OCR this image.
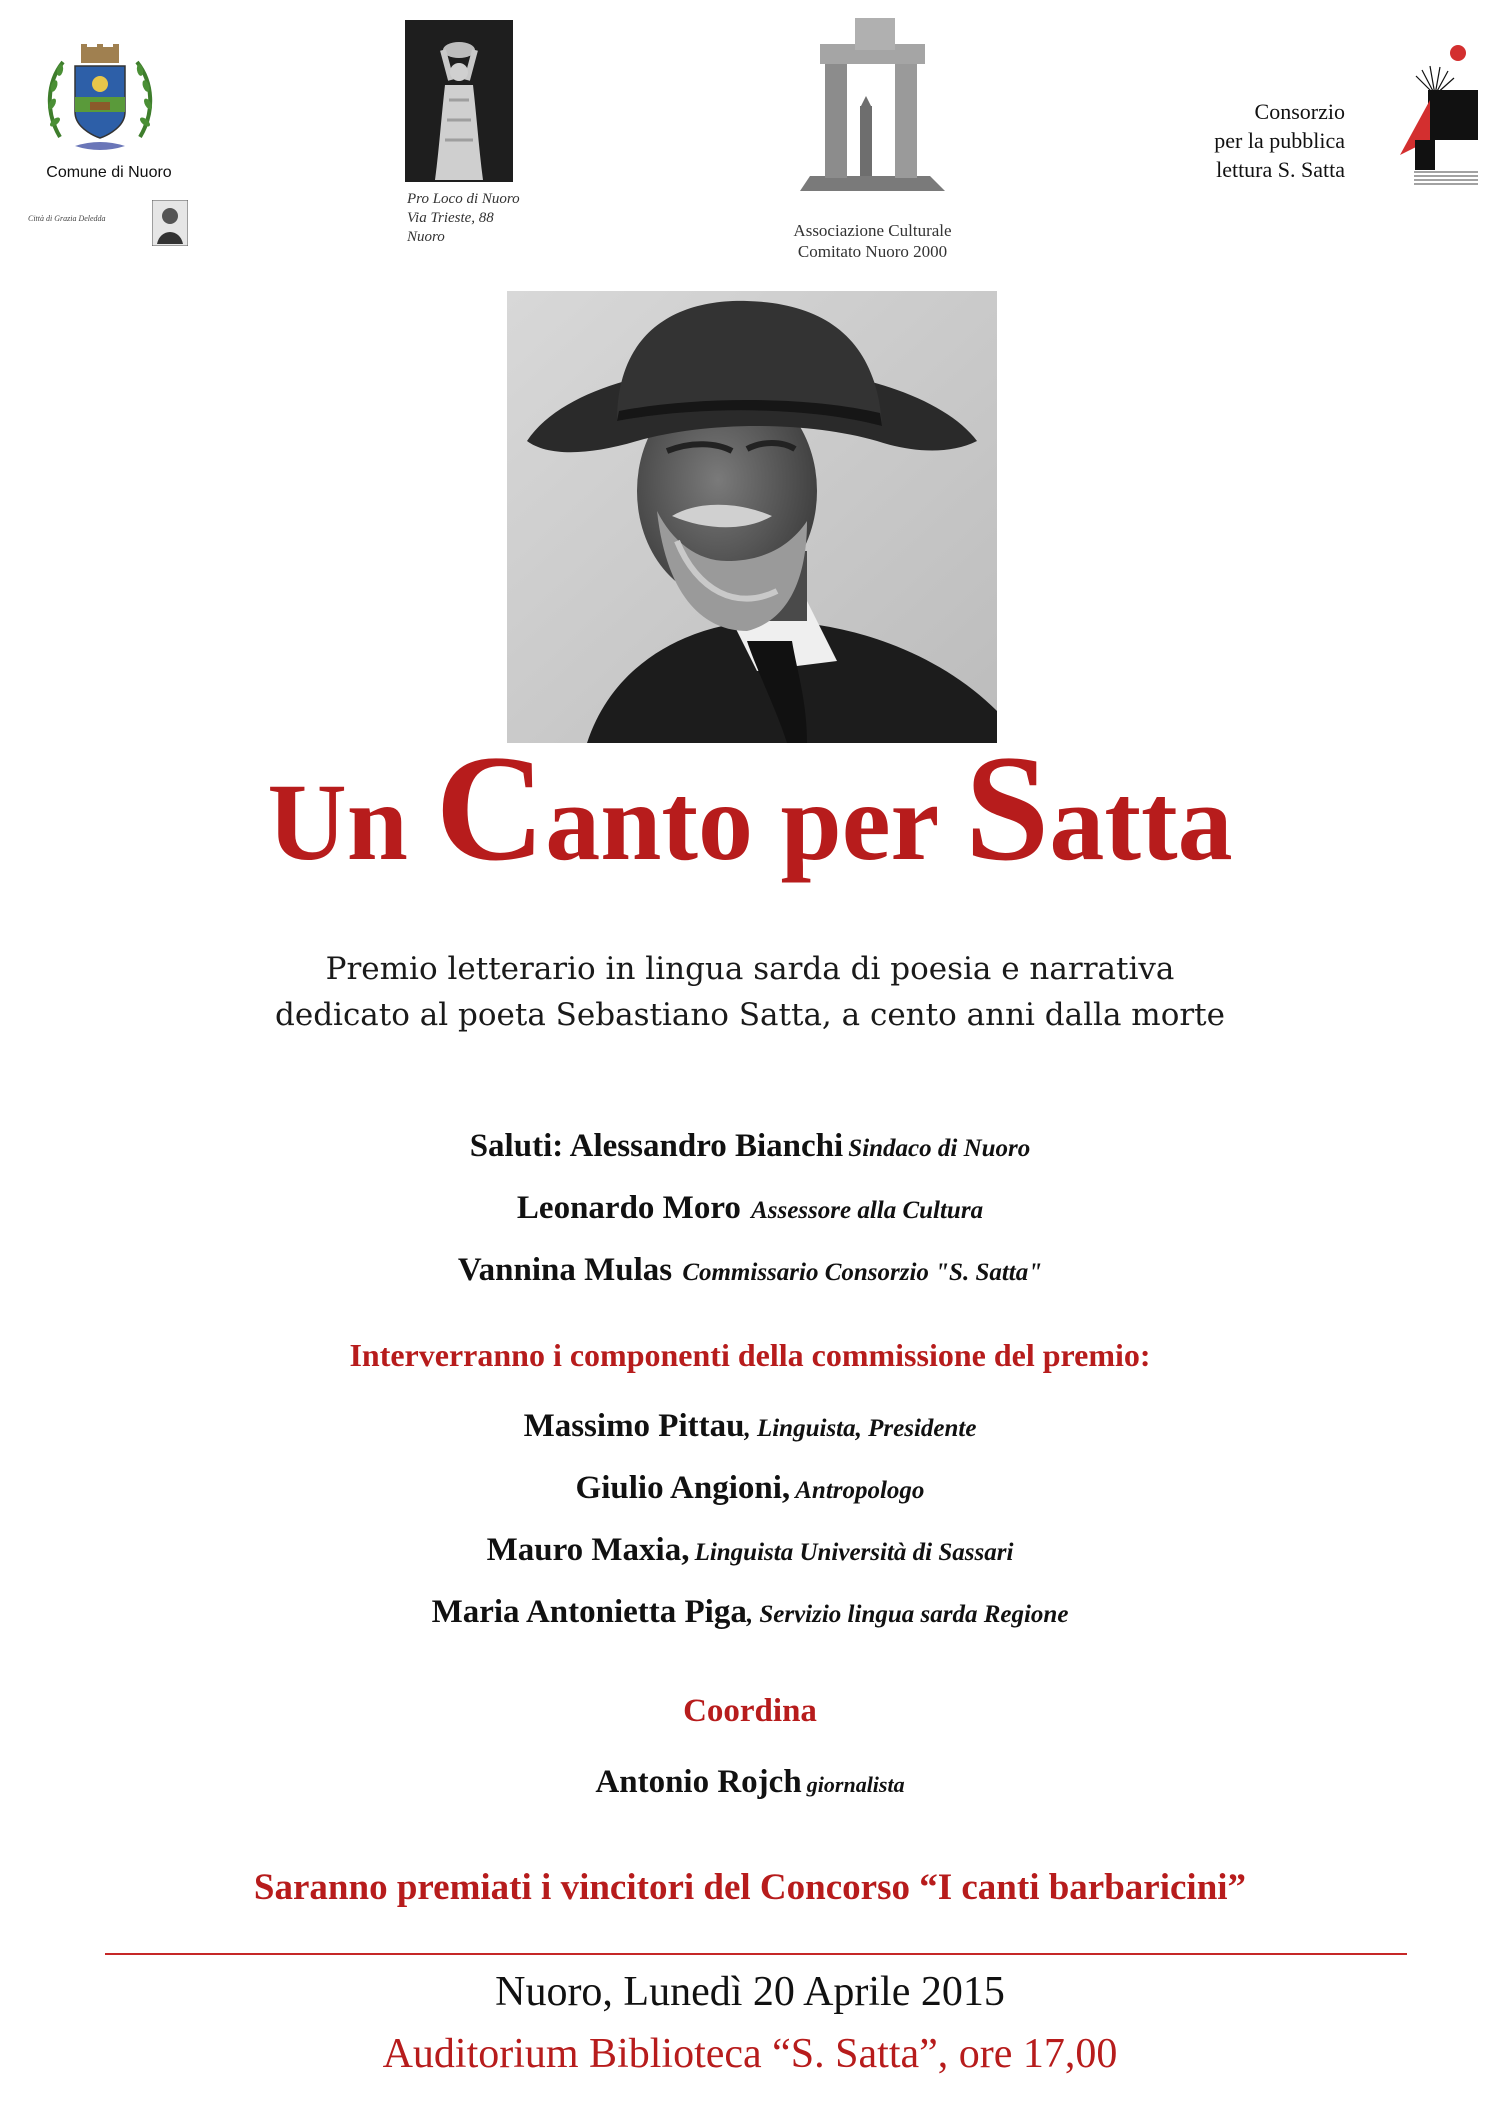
Comune di Nuoro
Città di Grazia Deledda
Pro Loco di Nuoro
Via Trieste, 88
Nuoro	Associazione Culturale
Comitato Nuoro 2000
Consorzio
per la pubblica
lettura S. Satta
Un Canto per Satta
Premio letterario in lingua sarda di poesia e narrativa
dedicato al poeta Sebastiano Satta, a cento anni dalla morte
Saluti: Alessandro Bianchi Sindaco di Nuoro
Leonardo Moro Assessore alla Cultura
Vannina Mulas Commissario Consorzio "S. Satta"
Interverranno i componenti della commissione del premio:
Massimo Pittau, Linguista, Presidente
Giulio Angioni, Antropologo
Mauro Maxia, Linguista Università di Sassari
Maria Antonietta Piga, Servizio lingua sarda Regione
Coordina
Antonio Rojch giornalista
Saranno premiati i vincitori del Concorso “I canti barbaricini”
Nuoro, Lunedì 20 Aprile 2015
Auditorium Biblioteca “S. Satta”, ore 17,00
